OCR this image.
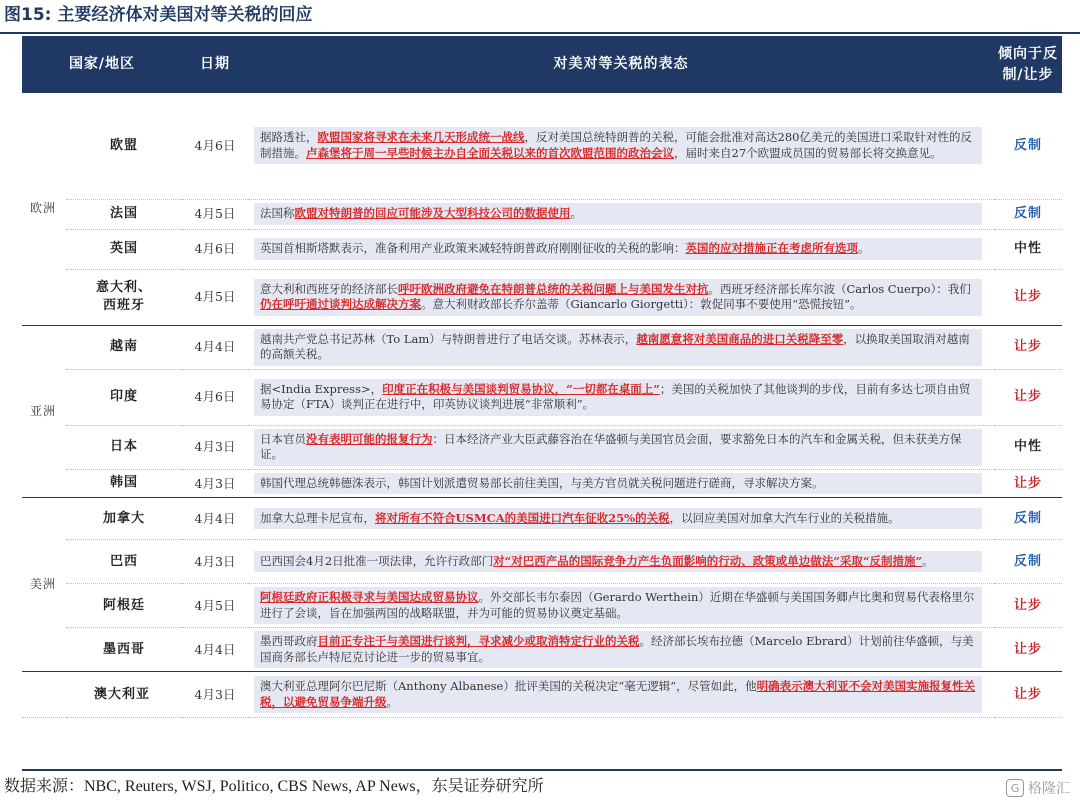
图15: 主要经济体对美国对等关税的回应
国家/地区		日期	对美对等关税的表态	倾向于反制/让步
欧洲	欧盟	4月6日	据路透社，欧盟国家将寻求在未来几天形成统一战线，反对美国总统特朗普的关税，可能会批准对高达280亿美元的美国进口采取针对性的反制措施。卢森堡将于周一早些时候主办自全面关税以来的首次欧盟范围的政治会议，届时来自27个欧盟成员国的贸易部长将交换意见。	反制
	法国	4月5日	法国称欧盟对特朗普的回应可能涉及大型科技公司的数据使用。	反制
	英国	4月6日	英国首相斯塔默表示，准备利用产业政策来减轻特朗普政府刚刚征收的关税的影响：英国的应对措施正在考虑所有选项。	中性

	意大利、
西班牙	4月5日	意大利和西班牙的经济部长呼吁欧洲政府避免在特朗普总统的关税问题上与美国发生对抗。西班牙经济部长库尔波（Carlos Cuerpo）：我们仍在呼吁通过谈判达成解决方案。意大利财政部长乔尔盖蒂（Giancarlo Giorgetti）：敦促同事不要使用“恐慌按钮”。	让步
亚洲	越南	4月4日	越南共产党总书记苏林（To Lam）与特朗普进行了电话交谈。苏林表示，越南愿意将对美国商品的进口关税降至零，以换取美国取消对越南的高额关税。	让步
	印度	4月6日	据<India Express>，印度正在积极与美国谈判贸易协议，“一切都在桌面上”；美国的关税加快了其他谈判的步伐，目前有多达七项自由贸易协定（FTA）谈判正在进行中，印英协议谈判进展“非常顺利”。	让步
	日本	4月3日	日本官员没有表明可能的报复行为：日本经济产业大臣武藤容治在华盛顿与美国官员会面，要求豁免日本的汽车和金属关税，但未获美方保证。	中性
	韩国	4月3日	韩国代理总统韩德洙表示，韩国计划派遣贸易部长前往美国，与美方官员就关税问题进行磋商，寻求解决方案。	让步
美洲	加拿大	4月4日	加拿大总理卡尼宣布，将对所有不符合USMCA的美国进口汽车征收25%的关税，以回应美国对加拿大汽车行业的关税措施。	反制
	巴西	4月3日	巴西国会4月2日批准一项法律，允许行政部门对“对巴西产品的国际竞争力产生负面影响的行动、政策或单边做法”采取“反制措施”。	反制
	阿根廷	4月5日	阿根廷政府正积极寻求与美国达成贸易协议。外交部长韦尔泰因（Gerardo Werthein）近期在华盛顿与美国国务卿卢比奥和贸易代表格里尔进行了会谈，旨在加强两国的战略联盟，并为可能的贸易协议奠定基础。	让步
	墨西哥	4月4日	墨西哥政府目前正专注于与美国进行谈判，寻求减少或取消特定行业的关税。经济部长埃布拉德（Marcelo Ebrard）计划前往华盛顿，与美国商务部长卢特尼克讨论进一步的贸易事宜。	让步
澳大利亚		4月3日	澳大利亚总理阿尔巴尼斯（Anthony Albanese）批评美国的关税决定“毫无逻辑”，尽管如此，他明确表示澳大利亚不会对美国实施报复性关税，以避免贸易争端升级。	让步
数据来源：NBC, Reuters, WSJ, Politico, CBS News, AP News，东吴证券研究所	G 格隆汇
